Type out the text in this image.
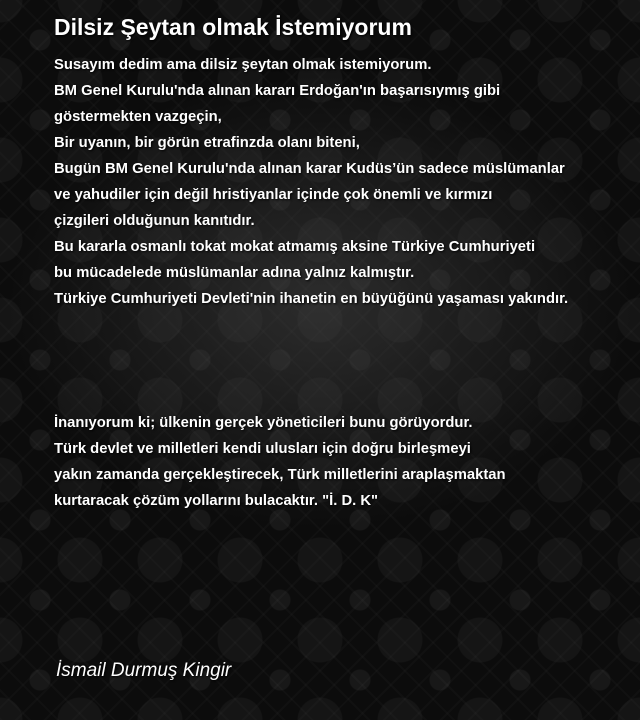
Dilsiz Şeytan olmak İstemiyorum
Susayım dedim ama dilsiz şeytan olmak istemiyorum.
BM Genel Kurulu'nda alınan kararı Erdoğan'ın başarısıymış gibi
göstermekten vazgeçin,
Bir uyanın, bir görün etrafinzda olanı biteni,
Bugün BM Genel Kurulu'nda alınan karar Kudüs’ün sadece müslümanlar
ve yahudiler için değil hristiyanlar içinde çok önemli ve kırmızı
çizgileri olduğunun kanıtıdır.
Bu kararla osmanlı tokat mokat atmamış aksine Türkiye Cumhuriyeti
bu mücadelede müslümanlar adına yalnız kalmıştır.
Türkiye Cumhuriyeti Devleti'nin ihanetin en büyüğünü yaşaması yakındır.
İnanıyorum ki; ülkenin gerçek yöneticileri bunu görüyordur.
Türk devlet ve milletleri kendi ulusları için doğru birleşmeyi
yakın zamanda gerçekleştirecek, Türk milletlerini araplaşmaktan
kurtaracak çözüm yollarını bulacaktır. "İ. D. K"

İsmail Durmuş Kingir
